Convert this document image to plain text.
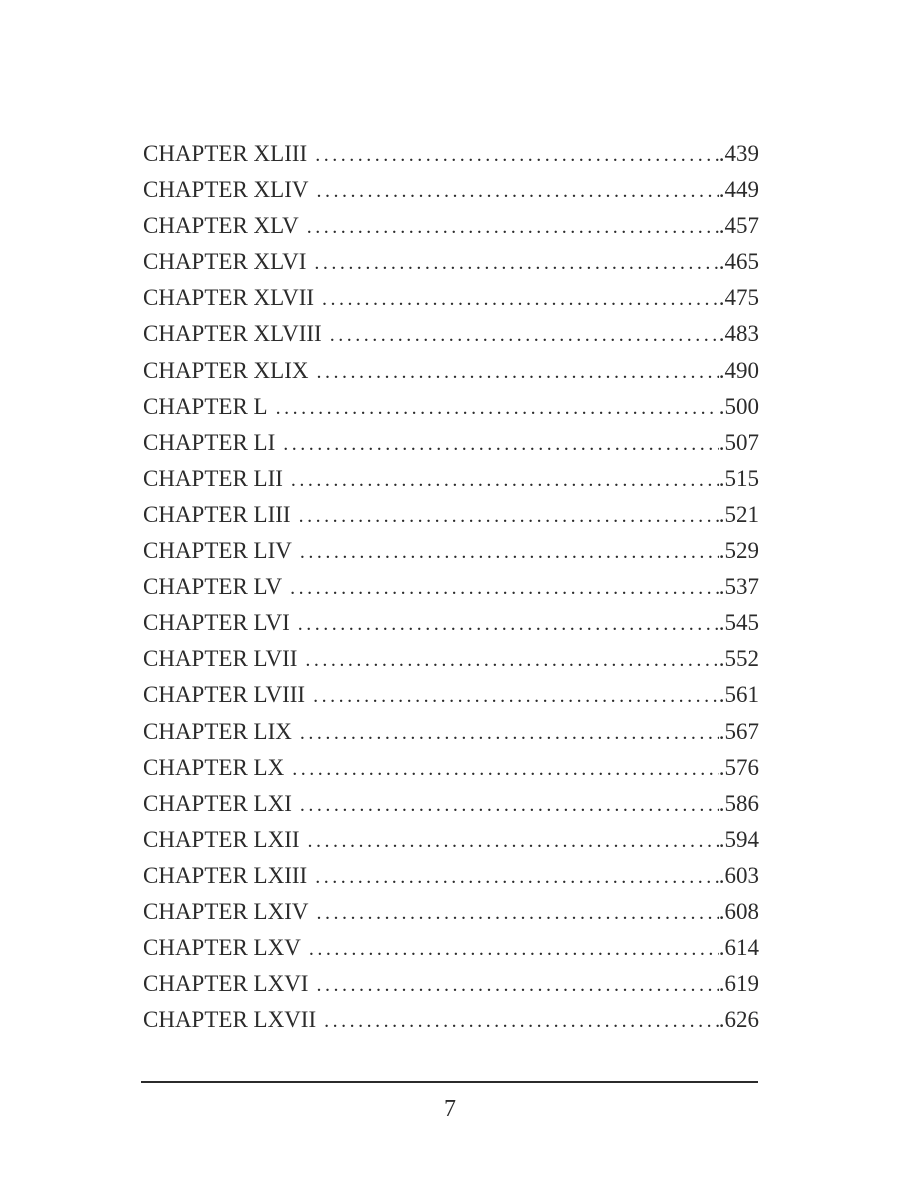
CHAPTER XLIII .....	.439
CHAPTER XLIV .....	.449
CHAPTER XLV .....	.457
CHAPTER XLVI .....	.465
CHAPTER XLVII .....	.475
CHAPTER XLVIII .....	.483
CHAPTER XLIX .....	.490
CHAPTER L .....	.500
CHAPTER LI .....	.507
CHAPTER LII .....	.515
CHAPTER LIII .....	.521
CHAPTER LIV .....	.529
CHAPTER LV .....	.537
CHAPTER LVI .....	.545
CHAPTER LVII .....	.552
CHAPTER LVIII .....	.561
CHAPTER LIX .....	.567
CHAPTER LX .....	.576
CHAPTER LXI .....	.586
CHAPTER LXII .....	.594
CHAPTER LXIII .....	.603
CHAPTER LXIV .....	.608
CHAPTER LXV .....	.614
CHAPTER LXVI .....	.619
CHAPTER LXVII .....	.626
7
